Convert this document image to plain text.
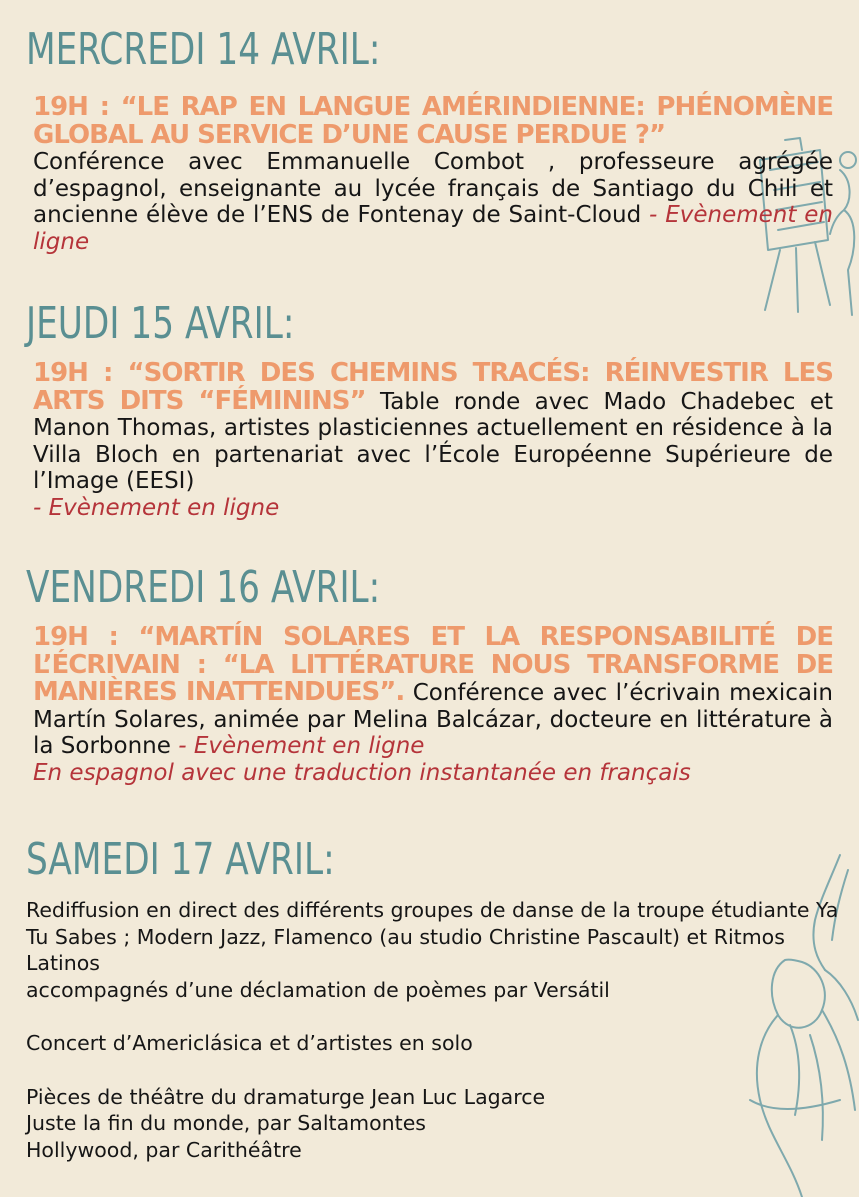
MERCREDI 14 AVRIL:

19H : “LE RAP EN LANGUE AMÉRINDIENNE: PHÉNOMÈNE GLOBAL AU SERVICE D’UNE CAUSE PERDUE ?”
Conférence avec Emmanuelle Combot , professeure agrégée d’espagnol, enseignante au lycée français de Santiago du Chili et ancienne élève de l’ENS de Fontenay de Saint-Cloud - Evènement en ligne

JEUDI 15 AVRIL:

19H : “SORTIR DES CHEMINS TRACÉS: RÉINVESTIR LES ARTS DITS “FÉMININS” Table ronde avec Mado Chadebec et Manon Thomas, artistes plasticiennes actuellement en résidence à la Villa Bloch en partenariat avec l’École Européenne Supérieure de l’Image (EESI)
- Evènement en ligne

VENDREDI 16 AVRIL:

19H : “MARTÍN SOLARES ET LA RESPONSABILITÉ DE L’ÉCRIVAIN : “LA LITTÉRATURE NOUS TRANSFORME DE MANIÈRES INATTENDUES”. Conférence avec l’écrivain mexicain Martín Solares, animée par Melina Balcázar, docteure en littérature à la Sorbonne - Evènement en ligne
En espagnol avec une traduction instantanée en français

SAMEDI 17 AVRIL:

Rediffusion en direct des différents groupes de danse de la troupe étudiante Ya Tu Sabes ; Modern Jazz, Flamenco (au studio Christine Pascault) et Ritmos Latinos

accompagnés d’une déclamation de poèmes par Versátil

Concert d’Americlásica et d’artistes en solo

Pièces de théâtre du dramaturge Jean Luc Lagarce

Juste la fin du monde, par Saltamontes

Hollywood, par Carithéâtre
